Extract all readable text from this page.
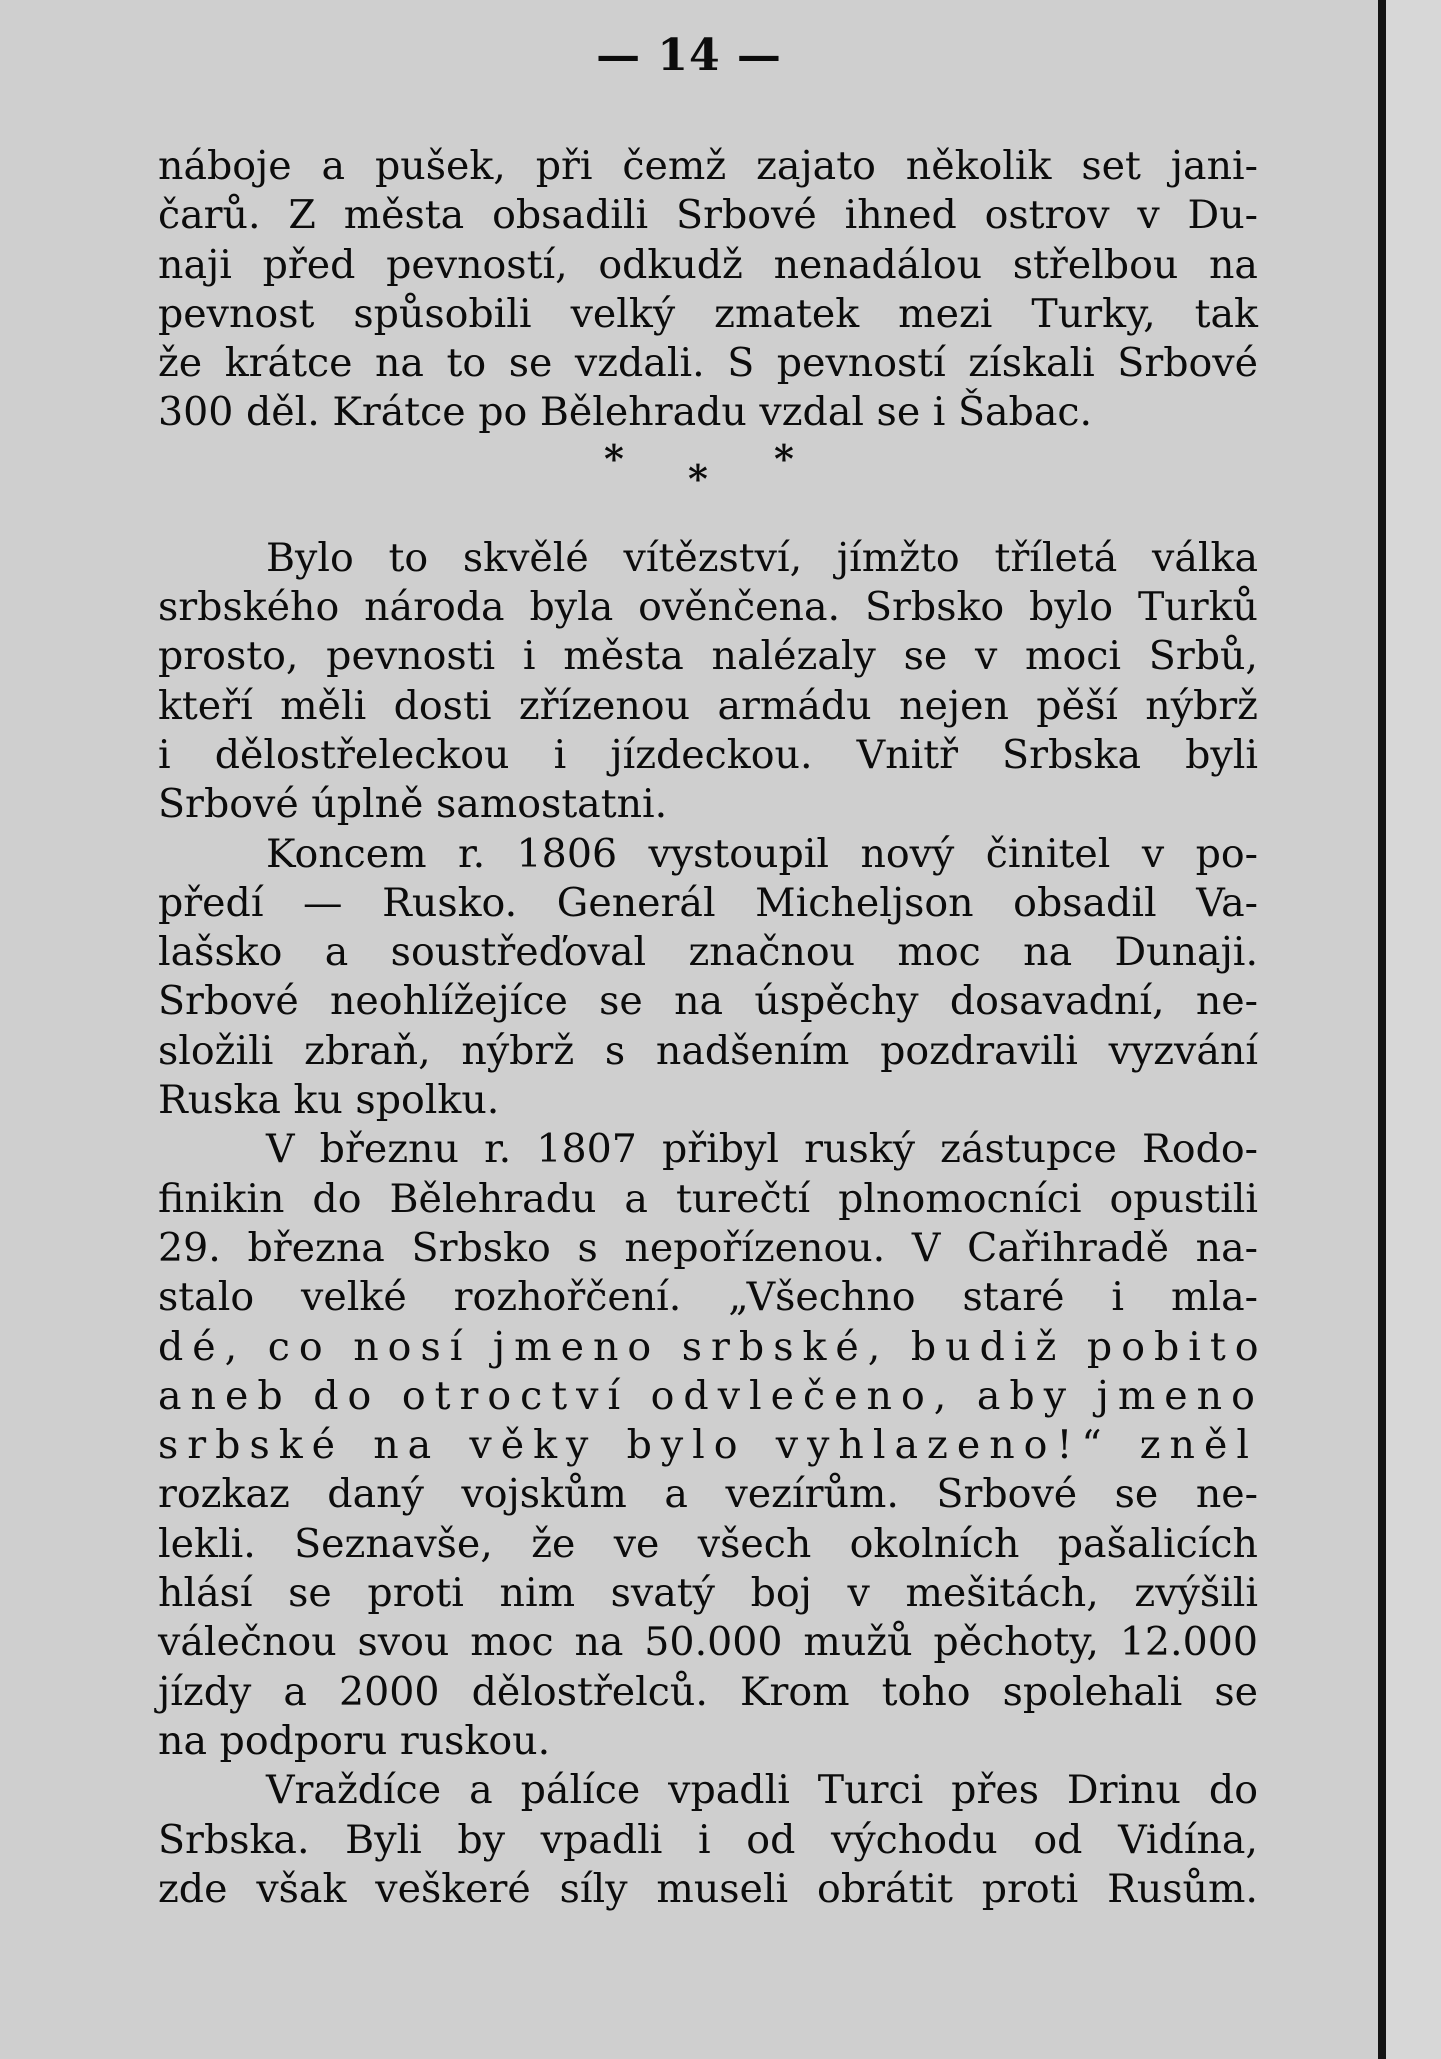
— 14 —
náboje a pušek, při čemž zajato několik set jani-
čarů. Z města obsadili Srbové ihned ostrov v Du-
naji před pevností, odkudž nenadálou střelbou na
pevnost spůsobili velký zmatek mezi Turky, tak
že krátce na to se vzdali. S pevností získali Srbové
300 děl. Krátce po Bělehradu vzdal se i Šabac.
* * *
Bylo to skvělé vítězství, jímžto tříletá válka
srbského národa byla ověnčena. Srbsko bylo Turků
prosto, pevnosti i města nalézaly se v moci Srbů,
kteří měli dosti zřízenou armádu nejen pěší nýbrž
i dělostřeleckou i jízdeckou. Vnitř Srbska byli
Srbové úplně samostatni.
Koncem r. 1806 vystoupil nový činitel v po-
předí — Rusko. Generál Micheljson obsadil Va-
lašsko a soustřeďoval značnou moc na Dunaji.
Srbové neohlížejíce se na úspěchy dosavadní, ne-
složili zbraň, nýbrž s nadšením pozdravili vyzvání
Ruska ku spolku.
V březnu r. 1807 přibyl ruský zástupce Rodo-
finikin do Bělehradu a turečtí plnomocníci opustili
29. března Srbsko s nepořízenou. V Cařihradě na-
stalo velké rozhořčení. „Všechno staré i mla-
dé, co nosí jmeno srbské, budiž pobito
aneb do otroctví odvlečeno, aby jmeno
srbské na věky bylo vyhlazeno!“ zněl
rozkaz daný vojskům a vezírům. Srbové se ne-
lekli. Seznavše, že ve všech okolních pašalicích
hlásí se proti nim svatý boj v mešitách, zvýšili
válečnou svou moc na 50.000 mužů pěchoty, 12.000
jízdy a 2000 dělostřelců. Krom toho spolehali se
na podporu ruskou.
Vraždíce a pálíce vpadli Turci přes Drinu do
Srbska. Byli by vpadli i od východu od Vidína,
zde však veškeré síly museli obrátit proti Rusům.
